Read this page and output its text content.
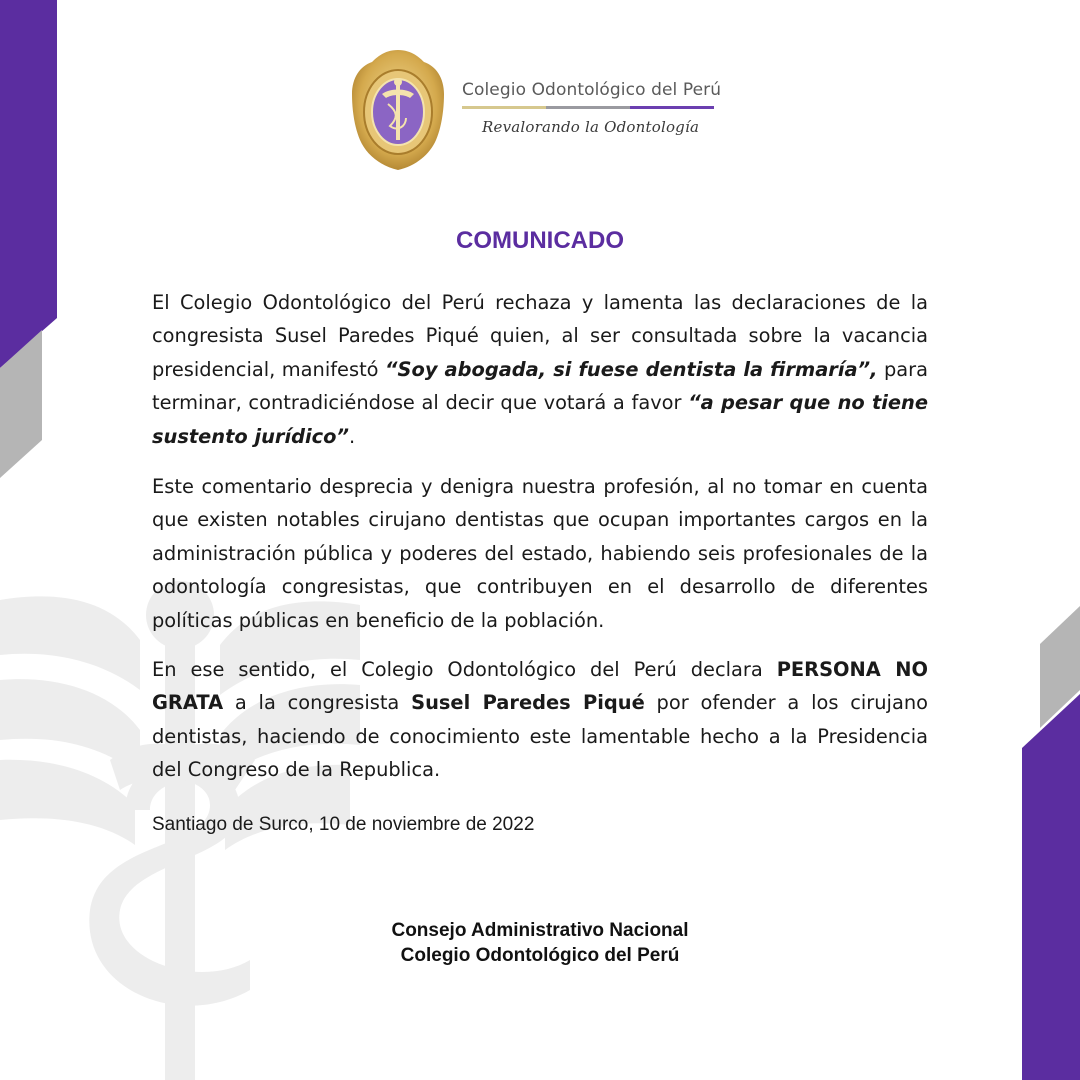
Colegio Odontológico del Perú
Revalorando la Odontología
COMUNICADO

El Colegio Odontológico del Perú rechaza y lamenta las declaraciones de la congresista Susel Paredes Piqué quien, al ser consultada sobre la vacancia presidencial, manifestó “Soy abogada, si fuese dentista la firmaría”, para terminar, contradiciéndose al decir que votará a favor “a pesar que no tiene sustento jurídico”.

Este comentario desprecia y denigra nuestra profesión, al no tomar en cuenta que existen notables cirujano dentistas que ocupan importantes cargos en la administración pública y poderes del estado, habiendo seis profesionales de la odontología congresistas, que contribuyen en el desarrollo de diferentes políticas públicas en beneficio de la población.

En ese sentido, el Colegio Odontológico del Perú declara PERSONA NO GRATA a la congresista Susel Paredes Piqué por ofender a los cirujano dentistas, haciendo de conocimiento este lamentable hecho a la Presidencia del Congreso de la Republica.

Santiago de Surco, 10 de noviembre de 2022
Consejo Administrativo Nacional
Colegio Odontológico del Perú
